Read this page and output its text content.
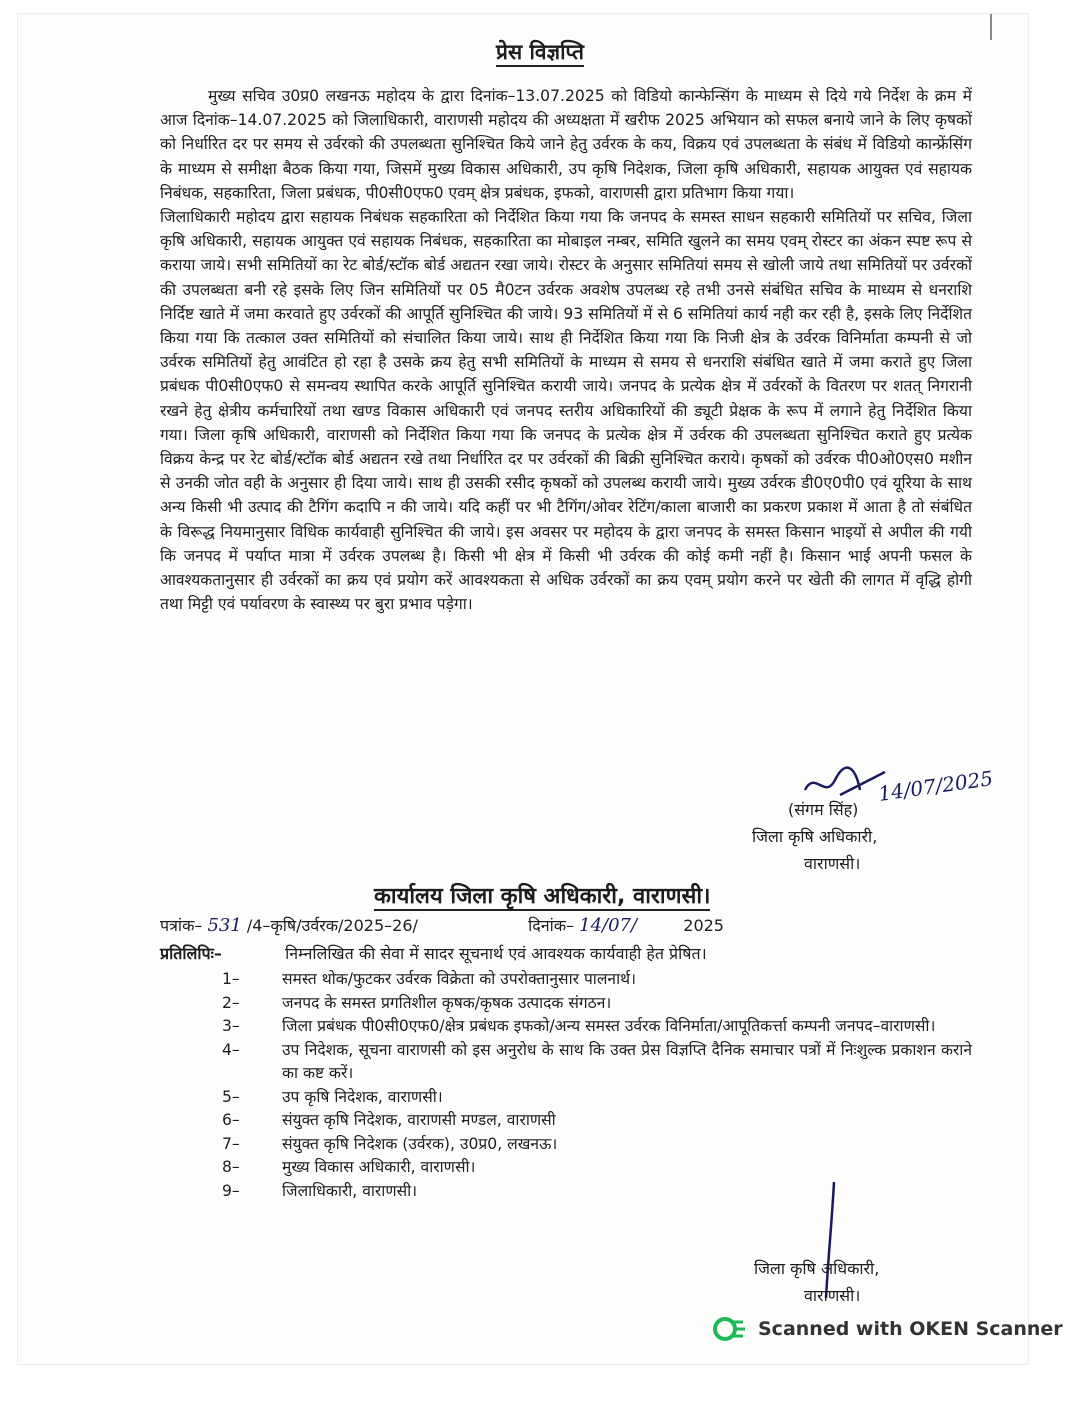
प्रेस विज्ञप्ति

मुख्य सचिव उ0प्र0 लखनऊ महोदय के द्वारा दिनांक–13.07.2025 को विडियो कान्फेन्सिंग के माध्यम से दिये गये निर्देश के क्रम में आज दिनांक–14.07.2025 को जिलाधिकारी, वाराणसी महोदय की अध्यक्षता में खरीफ 2025 अभियान को सफल बनाये जाने के लिए कृषकों को निर्धारित दर पर समय से उर्वरको की उपलब्धता सुनिश्चित किये जाने हेतु उर्वरक के कय, विक्रय एवं उपलब्धता के संबंध में विडियो कान्फ्रेंसिंग के माध्यम से समीक्षा बैठक किया गया, जिसमें मुख्य विकास अधिकारी, उप कृषि निदेशक, जिला कृषि अधिकारी, सहायक आयुक्त एवं सहायक निबंधक, सहकारिता, जिला प्रबंधक, पी0सी0एफ0 एवम् क्षेत्र प्रबंधक, इफको, वाराणसी द्वारा प्रतिभाग किया गया।

जिलाधिकारी महोदय द्वारा सहायक निबंधक सहकारिता को निर्देशित किया गया कि जनपद के समस्त साधन सहकारी समितियों पर सचिव, जिला कृषि अधिकारी, सहायक आयुक्त एवं सहायक निबंधक, सहकारिता का मोबाइल नम्बर, समिति खुलने का समय एवम् रोस्टर का अंकन स्पष्ट रूप से कराया जाये। सभी समितियों का रेट बोर्ड/स्टॉक बोर्ड अद्यतन रखा जाये। रोस्टर के अनुसार समितियां समय से खोली जाये तथा समितियों पर उर्वरकों की उपलब्धता बनी रहे इसके लिए जिन समितियों पर 05 मै0टन उर्वरक अवशेष उपलब्ध रहे तभी उनसे संबंधित सचिव के माध्यम से धनराशि निर्दिष्ट खाते में जमा करवाते हुए उर्वरकों की आपूर्ति सुनिश्चित की जाये। 93 समितियों में से 6 समितियां कार्य नही कर रही है, इसके लिए निर्देशित किया गया कि तत्काल उक्त समितियों को संचालित किया जाये। साथ ही निर्देशित किया गया कि निजी क्षेत्र के उर्वरक विनिर्माता कम्पनी से जो उर्वरक समितियों हेतु आवंटित हो रहा है उसके क्रय हेतु सभी समितियों के माध्यम से समय से धनराशि संबंधित खाते में जमा कराते हुए जिला प्रबंधक पी0सी0एफ0 से समन्वय स्थापित करके आपूर्ति सुनिश्चित करायी जाये। जनपद के प्रत्येक क्षेत्र में उर्वरकों के वितरण पर शतत् निगरानी रखने हेतु क्षेत्रीय कर्मचारियों तथा खण्ड विकास अधिकारी एवं जनपद स्तरीय अधिकारियों की ड्यूटी प्रेक्षक के रूप में लगाने हेतु निर्देशित किया गया। जिला कृषि अधिकारी, वाराणसी को निर्देशित किया गया कि जनपद के प्रत्येक क्षेत्र में उर्वरक की उपलब्धता सुनिश्चित कराते हुए प्रत्येक विक्रय केन्द्र पर रेट बोर्ड/स्टॉक बोर्ड अद्यतन रखे तथा निर्धारित दर पर उर्वरकों की बिक्री सुनिश्चित कराये। कृषकों को उर्वरक पी0ओ0एस0 मशीन से उनकी जोत वही के अनुसार ही दिया जाये। साथ ही उसकी रसीद कृषकों को उपलब्ध करायी जाये। मुख्य उर्वरक डी0ए0पी0 एवं यूरिया के साथ अन्य किसी भी उत्पाद की टैगिंग कदापि न की जाये। यदि कहीं पर भी टैगिंग/ओवर रेटिंग/काला बाजारी का प्रकरण प्रकाश में आता है तो संबंधित के विरूद्ध नियमानुसार विधिक कार्यवाही सुनिश्चित की जाये। इस अवसर पर महोदय के द्वारा जनपद के समस्त किसान भाइयों से अपील की गयी कि जनपद में पर्याप्त मात्रा में उर्वरक उपलब्ध है। किसी भी क्षेत्र में किसी भी उर्वरक की कोई कमी नहीं है। किसान भाई अपनी फसल के आवश्यकतानुसार ही उर्वरकों का क्रय एवं प्रयोग करें आवश्यकता से अधिक उर्वरकों का क्रय एवम् प्रयोग करने पर खेती की लागत में वृद्धि होगी तथा मिट्टी एवं पर्यावरण के स्वास्थ्य पर बुरा प्रभाव पड़ेगा।

14/07/2025
(संगम सिंह)
जिला कृषि अधिकारी,
वाराणसी।
कार्यालय जिला कृषि अधिकारी, वाराणसी।
पत्रांक– 531 /4–कृषि/उर्वरक/2025–26/	दिनांक– 14/07/	2025
प्रतिलिपिः–	निम्नलिखित की सेवा में सादर सूचनार्थ एवं आवश्यक कार्यवाही हेत प्रेषित।
1–	समस्त थोक/फुटकर उर्वरक विक्रेता को उपरोक्तानुसार पालनार्थ।
2–	जनपद के समस्त प्रगतिशील कृषक/कृषक उत्पादक संगठन।
3–	जिला प्रबंधक पी0सी0एफ0/क्षेत्र प्रबंधक इफको/अन्य समस्त उर्वरक विनिर्माता/आपूतिकर्त्ता कम्पनी जनपद–वाराणसी।
4–	उप निदेशक, सूचना वाराणसी को इस अनुरोध के साथ कि उक्त प्रेस विज्ञप्ति दैनिक समाचार पत्रों में निःशुल्क प्रकाशन कराने का कष्ट करें।
5–	उप कृषि निदेशक, वाराणसी।
6–	संयुक्त कृषि निदेशक, वाराणसी मण्डल, वाराणसी
7–	संयुक्त कृषि निदेशक (उर्वरक), उ0प्र0, लखनऊ।
8–	मुख्य विकास अधिकारी, वाराणसी।
9–	जिलाधिकारी, वाराणसी।
जिला कृषि अधिकारी,
वाराणसी।
Scanned with OKEN Scanner
